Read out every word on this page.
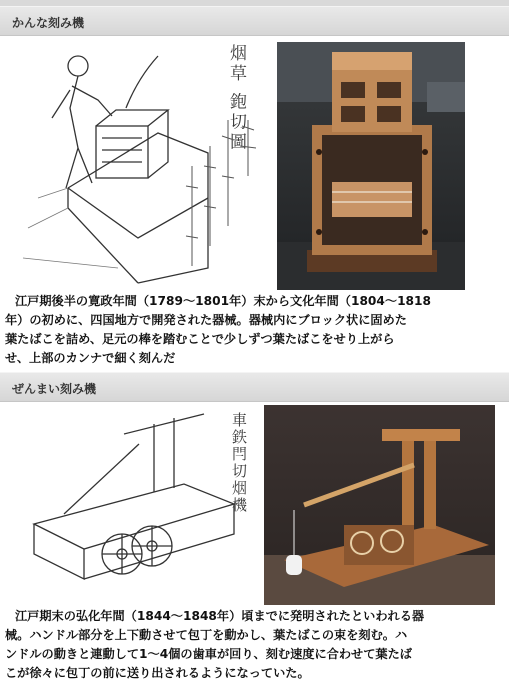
かんな刻み機
烟草 鉋切圖

江戸期後半の寛政年間（1789～1801年）末から文化年間（1804～1818

年）の初めに、四国地方で開発された器械。器械内にブロック状に固めた

葉たばこを詰め、足元の棒を踏むことで少しずつ葉たばこをせり上がら

せ、上部のカンナで細く刻んだ

ぜんまい刻み機
車鉄閂切烟機

江戸期末の弘化年間（1844～1848年）頃までに発明されたといわれる器

械。ハンドル部分を上下動させて包丁を動かし、葉たばこの束を刻む。ハ

ンドルの動きと連動して1～4個の歯車が回り、刻む速度に合わせて葉たば

こが徐々に包丁の前に送り出されるようになっていた。
